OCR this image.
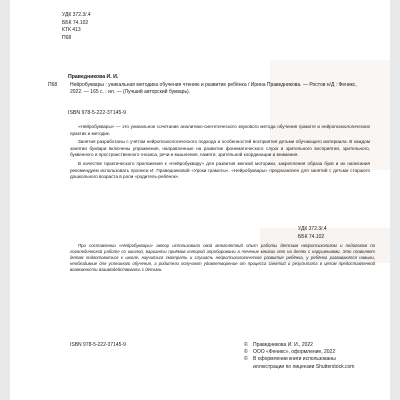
УДК 372.3/.4
ББК 74.102
КТК 413
П68
Праведникова И. И.
П68	Нейробуквары : уникальная методика обучения чтению и развитие ребёнка / Ирина Праведникова. — Ростов н/Д : Феникс, 2022. — 165 с. : ил. — (Лучший авторский букварь).
ISBN 978-5-222-37145-9

«Нейробуквары» — это уникальное сочетание аналитико-синтетического звукового метода обучения грамоте и нейропсихологических практик и методик.

Занятия разработаны с учётом нейропсихологического подхода и особенностей восприятия детьми обучающего материала. В каждом занятии буквари включены упражнения, направленные на развитие фонематического слуха и зрительного восприятия, зрительного, буквенного и пространственного гнозиса, речи и мышления, памяти, зрительной координации и внимания.

В качестве практического приложения к «Нейробуквару» для развития мелкой моторики, закрепления образа букв и их написания рекомендуем использовать прописи И. Праведниковой «Уроки грамоты». «Нейробуквары» предназначен для занятий с детьми старшего дошкольного возраста в роли «родитель-ребёнок».

УДК 372.3/.4
ББК 74.102
При составлении «Нейробуквары» автор использовала свой многолетний опыт работы детским нейропсихологом и педагогом по логопедической работе со школой, варианты приёмов которой апробированы в течение многих лет на детях с нарушениями. Это позволяет детям подготовиться к школе, научиться смотреть и слушать нейропсихологическое развитие ребёнка, у ребёнка развиваются навыки, необходимые для успешного обучения, а родители получают удовлетворение от процесса занятий и результата в целом предоставленной возможности взаимодействовать с детьми.
ISBN 978-5-222-37145-9	© Праведникова И. И., 2022
© ООО «Феникс», оформление, 2022
© В оформлении книги использованы
иллюстрации по лицензии Shutterstock.com
